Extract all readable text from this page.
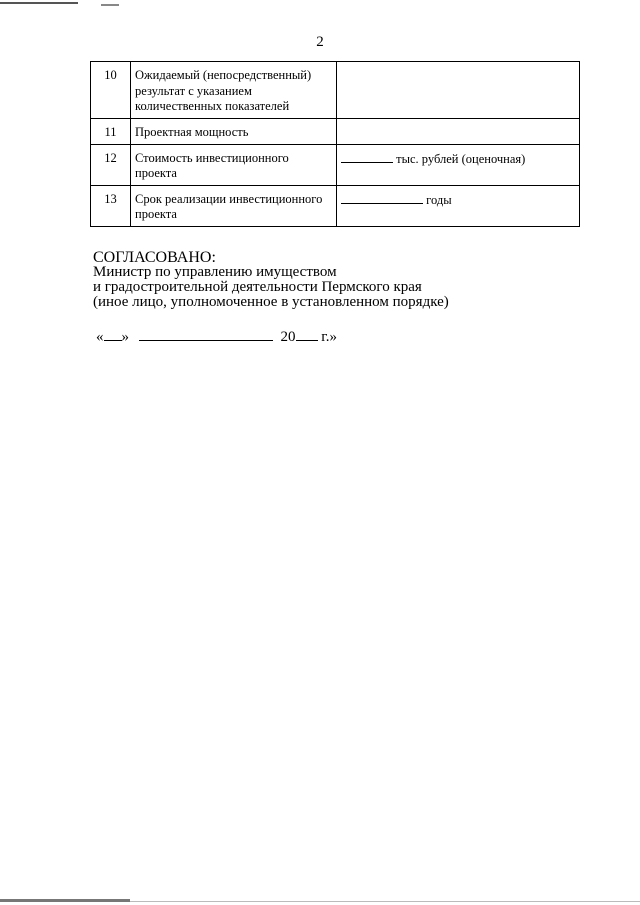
2
10	Ожидаемый (непосредственный) результат с указанием количественных показателей	
11	Проектная мощность	
12	Стоимость инвестиционного проекта	тыс. рублей (оценочная)
13	Срок реализации инвестиционного проекта	годы
СОГЛАСОВАНО:
Министр по управлению имуществом
и градостроительной деятельности Пермского края
(иное лицо, уполномоченное в установленном порядке)
« »	20 г.»
